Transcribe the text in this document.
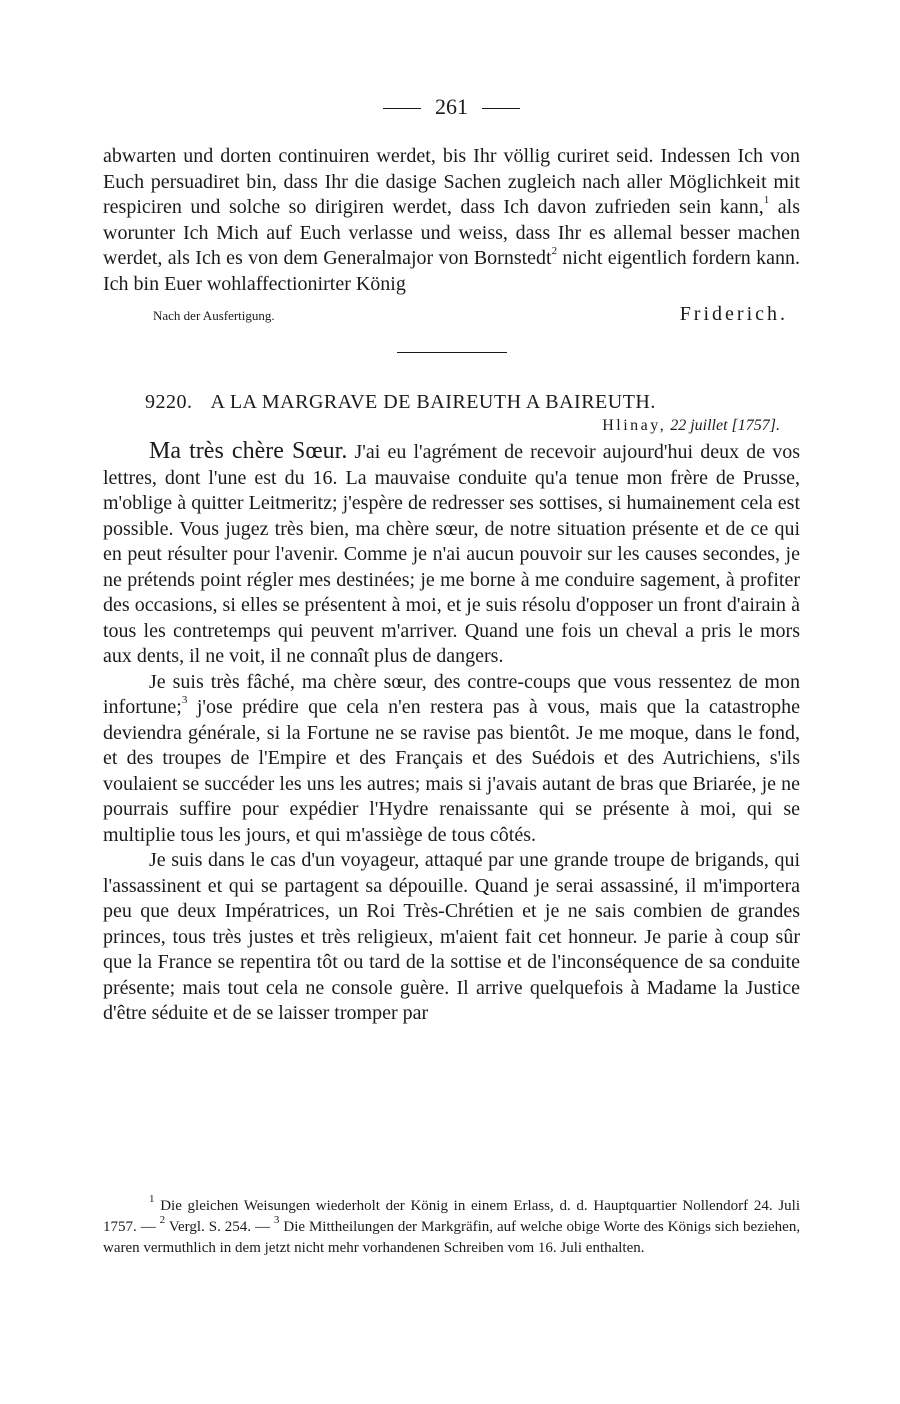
261

abwarten und dorten continuiren werdet, bis Ihr völlig curiret seid. Indessen Ich von Euch persuadiret bin, dass Ihr die dasige Sachen zugleich nach aller Möglichkeit mit respiciren und solche so dirigiren werdet, dass Ich davon zufrieden sein kann,$^1$ als worunter Ich Mich auf Euch verlasse und weiss, dass Ihr es allemal besser machen werdet, als Ich es von dem Generalmajor von Bornstedt$^2$ nicht eigentlich fordern kann. Ich bin Euer wohlaffectionirter König

Nach der Ausfertigung.	Friderich.
9220. A LA MARGRAVE DE BAIREUTH A BAIREUTH.
Hlinay, 22 juillet [1757].

Ma très chère Sœur. J'ai eu l'agrément de recevoir aujourd'hui deux de vos lettres, dont l'une est du 16. La mauvaise conduite qu'a tenue mon frère de Prusse, m'oblige à quitter Leitmeritz; j'espère de redresser ses sottises, si humainement cela est possible. Vous jugez très bien, ma chère sœur, de notre situation présente et de ce qui en peut résulter pour l'avenir. Comme je n'ai aucun pouvoir sur les causes secondes, je ne prétends point régler mes destinées; je me borne à me conduire sagement, à profiter des occasions, si elles se présentent à moi, et je suis résolu d'opposer un front d'airain à tous les contretemps qui peuvent m'arriver. Quand une fois un cheval a pris le mors aux dents, il ne voit, il ne connaît plus de dangers.

Je suis très fâché, ma chère sœur, des contre-coups que vous ressentez de mon infortune;$^3$ j'ose prédire que cela n'en restera pas à vous, mais que la catastrophe deviendra générale, si la Fortune ne se ravise pas bientôt. Je me moque, dans le fond, et des troupes de l'Empire et des Français et des Suédois et des Autrichiens, s'ils voulaient se succéder les uns les autres; mais si j'avais autant de bras que Briarée, je ne pourrais suffire pour expédier l'Hydre renaissante qui se présente à moi, qui se multiplie tous les jours, et qui m'assiège de tous côtés.

Je suis dans le cas d'un voyageur, attaqué par une grande troupe de brigands, qui l'assassinent et qui se partagent sa dépouille. Quand je serai assassiné, il m'importera peu que deux Impératrices, un Roi Très-Chrétien et je ne sais combien de grandes princes, tous très justes et très religieux, m'aient fait cet honneur. Je parie à coup sûr que la France se repentira tôt ou tard de la sottise et de l'inconséquence de sa conduite présente; mais tout cela ne console guère. Il arrive quelquefois à Madame la Justice d'être séduite et de se laisser tromper par

$^1$ Die gleichen Weisungen wiederholt der König in einem Erlass, d. d. Hauptquartier Nollendorf 24. Juli 1757. — $^2$ Vergl. S. 254. — $^3$ Die Mittheilungen der Markgräfin, auf welche obige Worte des Königs sich beziehen, waren vermuthlich in dem jetzt nicht mehr vorhandenen Schreiben vom 16. Juli enthalten.
